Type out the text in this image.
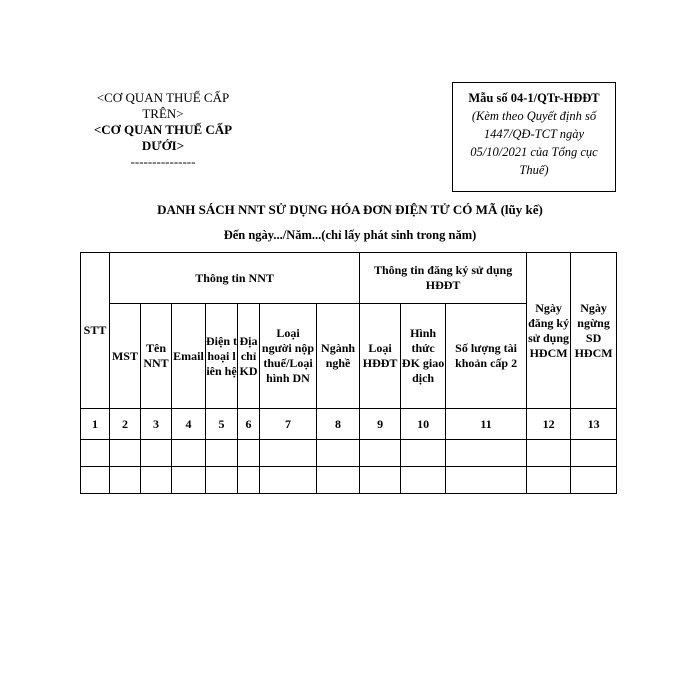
<CƠ QUAN THUẾ CẤP TRÊN>
<CƠ QUAN THUẾ CẤP DƯỚI>
---------------
Mẫu số 04-1/QTr-HĐĐT
(Kèm theo Quyết định số 1447/QĐ-TCT ngày 05/10/2021 của Tổng cục Thuế)
DANH SÁCH NNT SỬ DỤNG HÓA ĐƠN ĐIỆN TỬ CÓ MÃ (lũy kế)
Đến ngày.../Năm...(chỉ lấy phát sinh trong năm)
STT	Thông tin NNT							Thông tin đăng ký sử dụng HĐĐT			Ngày đăng ký sử dụng HĐCM	Ngày ngừng SD HĐCM
	MST	Tên NNT	Email	Điện thoại liên hệ	Địa chỉ KD	Loại người nộp thuế/Loại hình DN	Ngành nghề	Loại HĐĐT	Hình thức ĐK giao dịch	Số lượng tài khoản cấp 2		
1	2	3	4	5	6	7	8	9	10	11	12	13
